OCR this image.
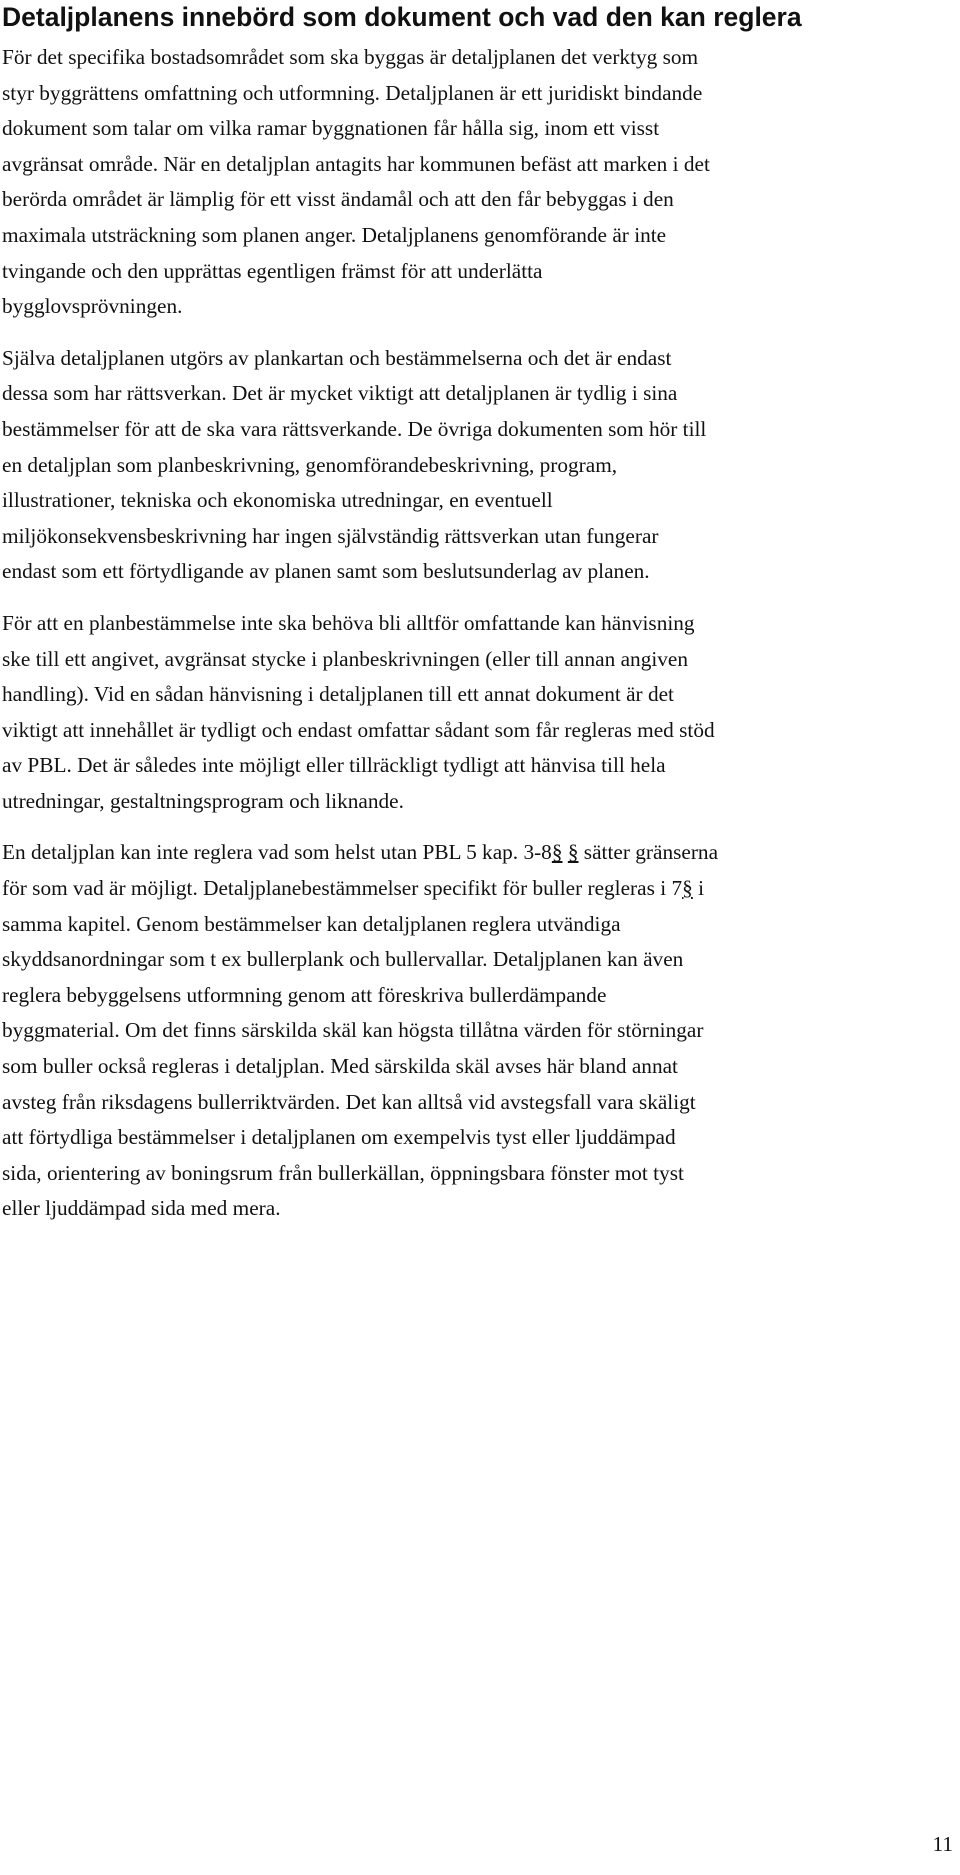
Detaljplanens innebörd som dokument och vad den kan reglera

För det specifika bostadsområdet som ska byggas är detaljplanen det verktyg som
styr byggrättens omfattning och utformning. Detaljplanen är ett juridiskt bindande
dokument som talar om vilka ramar byggnationen får hålla sig, inom ett visst
avgränsat område. När en detaljplan antagits har kommunen befäst att marken i det
berörda området är lämplig för ett visst ändamål och att den får bebyggas i den
maximala utsträckning som planen anger. Detaljplanens genomförande är inte
tvingande och den upprättas egentligen främst för att underlätta
bygglovsprövningen.

Själva detaljplanen utgörs av plankartan och bestämmelserna och det är endast
dessa som har rättsverkan. Det är mycket viktigt att detaljplanen är tydlig i sina
bestämmelser för att de ska vara rättsverkande. De övriga dokumenten som hör till
en detaljplan som planbeskrivning, genomförandebeskrivning, program,
illustrationer, tekniska och ekonomiska utredningar, en eventuell
miljökonsekvensbeskrivning har ingen självständig rättsverkan utan fungerar
endast som ett förtydligande av planen samt som beslutsunderlag av planen.

För att en planbestämmelse inte ska behöva bli alltför omfattande kan hänvisning
ske till ett angivet, avgränsat stycke i planbeskrivningen (eller till annan angiven
handling). Vid en sådan hänvisning i detaljplanen till ett annat dokument är det
viktigt att innehållet är tydligt och endast omfattar sådant som får regleras med stöd
av PBL. Det är således inte möjligt eller tillräckligt tydligt att hänvisa till hela
utredningar, gestaltningsprogram och liknande.

En detaljplan kan inte reglera vad som helst utan PBL 5 kap. 3-8§ § sätter gränserna
för som vad är möjligt. Detaljplanebestämmelser specifikt för buller regleras i 7§ i
samma kapitel. Genom bestämmelser kan detaljplanen reglera utvändiga
skyddsanordningar som t ex bullerplank och bullervallar. Detaljplanen kan även
reglera bebyggelsens utformning genom att föreskriva bullerdämpande
byggmaterial. Om det finns särskilda skäl kan högsta tillåtna värden för störningar
som buller också regleras i detaljplan. Med särskilda skäl avses här bland annat
avsteg från riksdagens bullerriktvärden. Det kan alltså vid avstegsfall vara skäligt
att förtydliga bestämmelser i detaljplanen om exempelvis tyst eller ljuddämpad
sida, orientering av boningsrum från bullerkällan, öppningsbara fönster mot tyst
eller ljuddämpad sida med mera.

11
